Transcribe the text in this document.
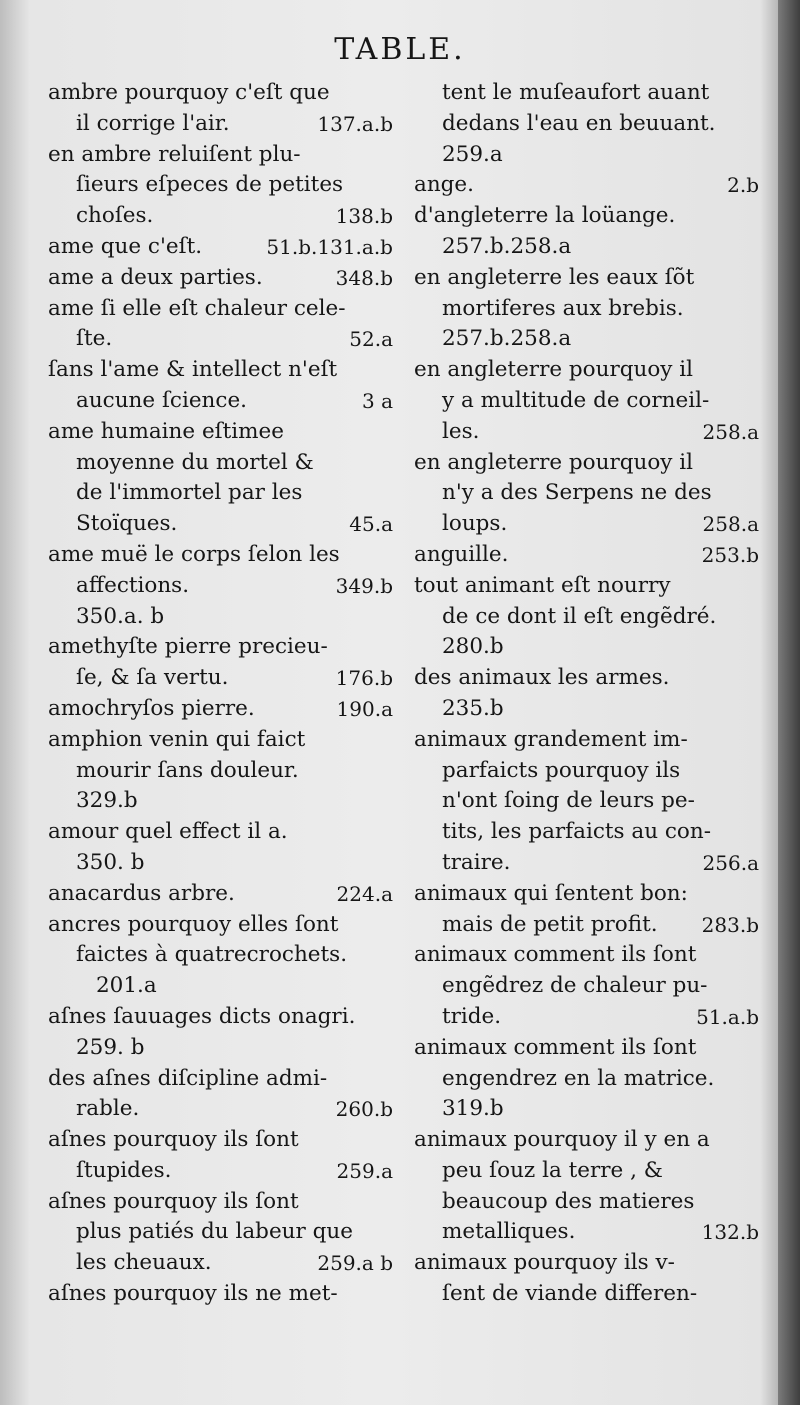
TABLE.
ambre pourquoy c'eſt que
il corrige l'air.	137.a.b
en ambre reluiſent plu-
ſieurs eſpeces de petites
choſes.	138.b
ame que c'eſt.	51.b.131.a.b
ame a deux parties.	348.b
ame ſi elle eſt chaleur cele-
ſte.	52.a
ſans l'ame & intellect n'eſt
aucune ſcience.	3 a
ame humaine eſtimee
moyenne du mortel &
de l'immortel par les
Stoïques.	45.a
ame muë le corps ſelon les
affections.	349.b
350.a. b
amethyſte pierre precieu-
ſe, & ſa vertu.	176.b
amochryſos pierre.	190.a
amphion venin qui faict
mourir ſans douleur.
329.b
amour quel effect il a.
350. b
anacardus arbre.	224.a
ancres pourquoy elles ſont
faictes à quatrecrochets.
201.a
aſnes ſauuages dicts onagri.
259. b
des aſnes diſcipline admi-
rable.	260.b
aſnes pourquoy ils ſont
ſtupides.	259.a
aſnes pourquoy ils ſont
plus patiés du labeur que
les cheuaux.	259.a b
aſnes pourquoy ils ne met-
tent le muſeaufort auant
dedans l'eau en beuuant.
259.a
ange.	2.b
d'angleterre la loüange.
257.b.258.a
en angleterre les eaux ſõt
mortiferes aux brebis.
257.b.258.a
en angleterre pourquoy il
y a multitude de corneil-
les.	258.a
en angleterre pourquoy il
n'y a des Serpens ne des
loups.	258.a
anguille.	253.b
tout animant eſt nourry
de ce dont il eſt engẽdré.
280.b
des animaux les armes.
235.b
animaux grandement im-
parfaicts pourquoy ils
n'ont ſoing de leurs pe-
tits, les parfaicts au con-
traire.	256.a
animaux qui ſentent bon:
mais de petit profit. 283.b
animaux comment ils ſont
engẽdrez de chaleur pu-
tride.	51.a.b
animaux comment ils ſont
engendrez en la matrice.
319.b
animaux pourquoy il y en a
peu ſouz la terre , &
beaucoup des matieres
metalliques.	132.b
animaux pourquoy ils v-
ſent de viande differen-
